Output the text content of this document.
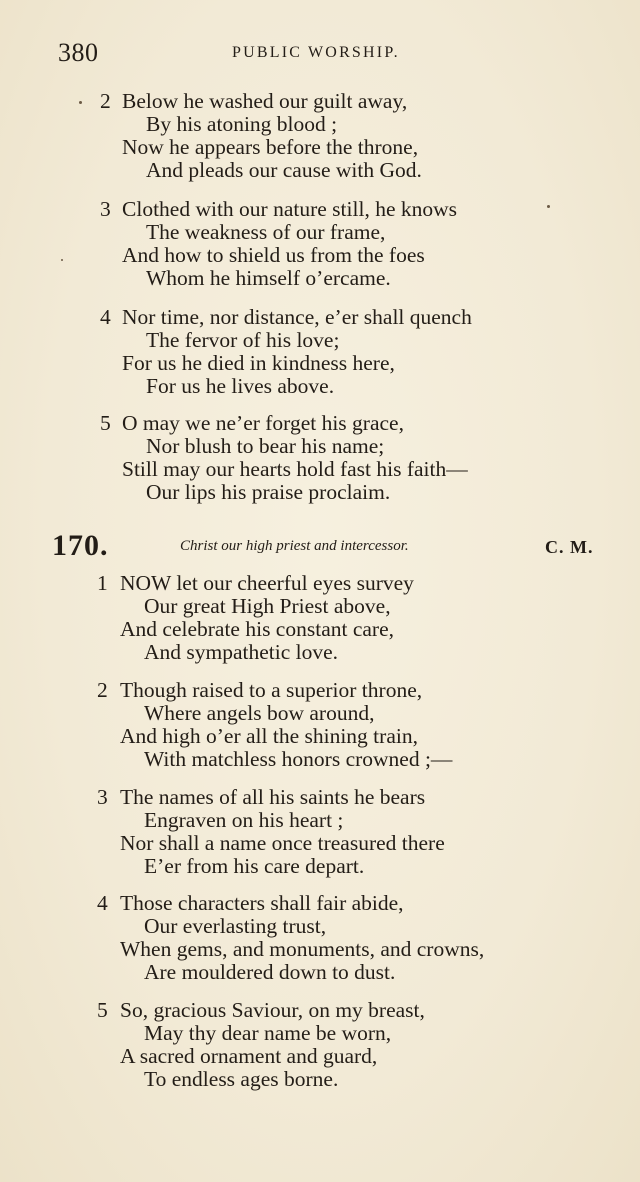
380	PUBLIC WORSHIP.
2 Below he washed our guilt away,
By his atoning blood ;
Now he appears before the throne,
And pleads our cause with God.
3 Clothed with our nature still, he knows
The weakness of our frame,
And how to shield us from the foes
Whom he himself o’ercame.
4 Nor time, nor distance, e’er shall quench
The fervor of his love;
For us he died in kindness here,
For us he lives above.
5 O may we ne’er forget his grace,
Nor blush to bear his name;
Still may our hearts hold fast his faith—
Our lips his praise proclaim.
170.	Christ our high priest and intercessor.	C. M.
1 NOW let our cheerful eyes survey
Our great High Priest above,
And celebrate his constant care,
And sympathetic love.
2 Though raised to a superior throne,
Where angels bow around,
And high o’er all the shining train,
With matchless honors crowned ;—
3 The names of all his saints he bears
Engraven on his heart ;
Nor shall a name once treasured there
E’er from his care depart.
4 Those characters shall fair abide,
Our everlasting trust,
When gems, and monuments, and crowns,
Are mouldered down to dust.
5 So, gracious Saviour, on my breast,
May thy dear name be worn,
A sacred ornament and guard,
To endless ages borne.
